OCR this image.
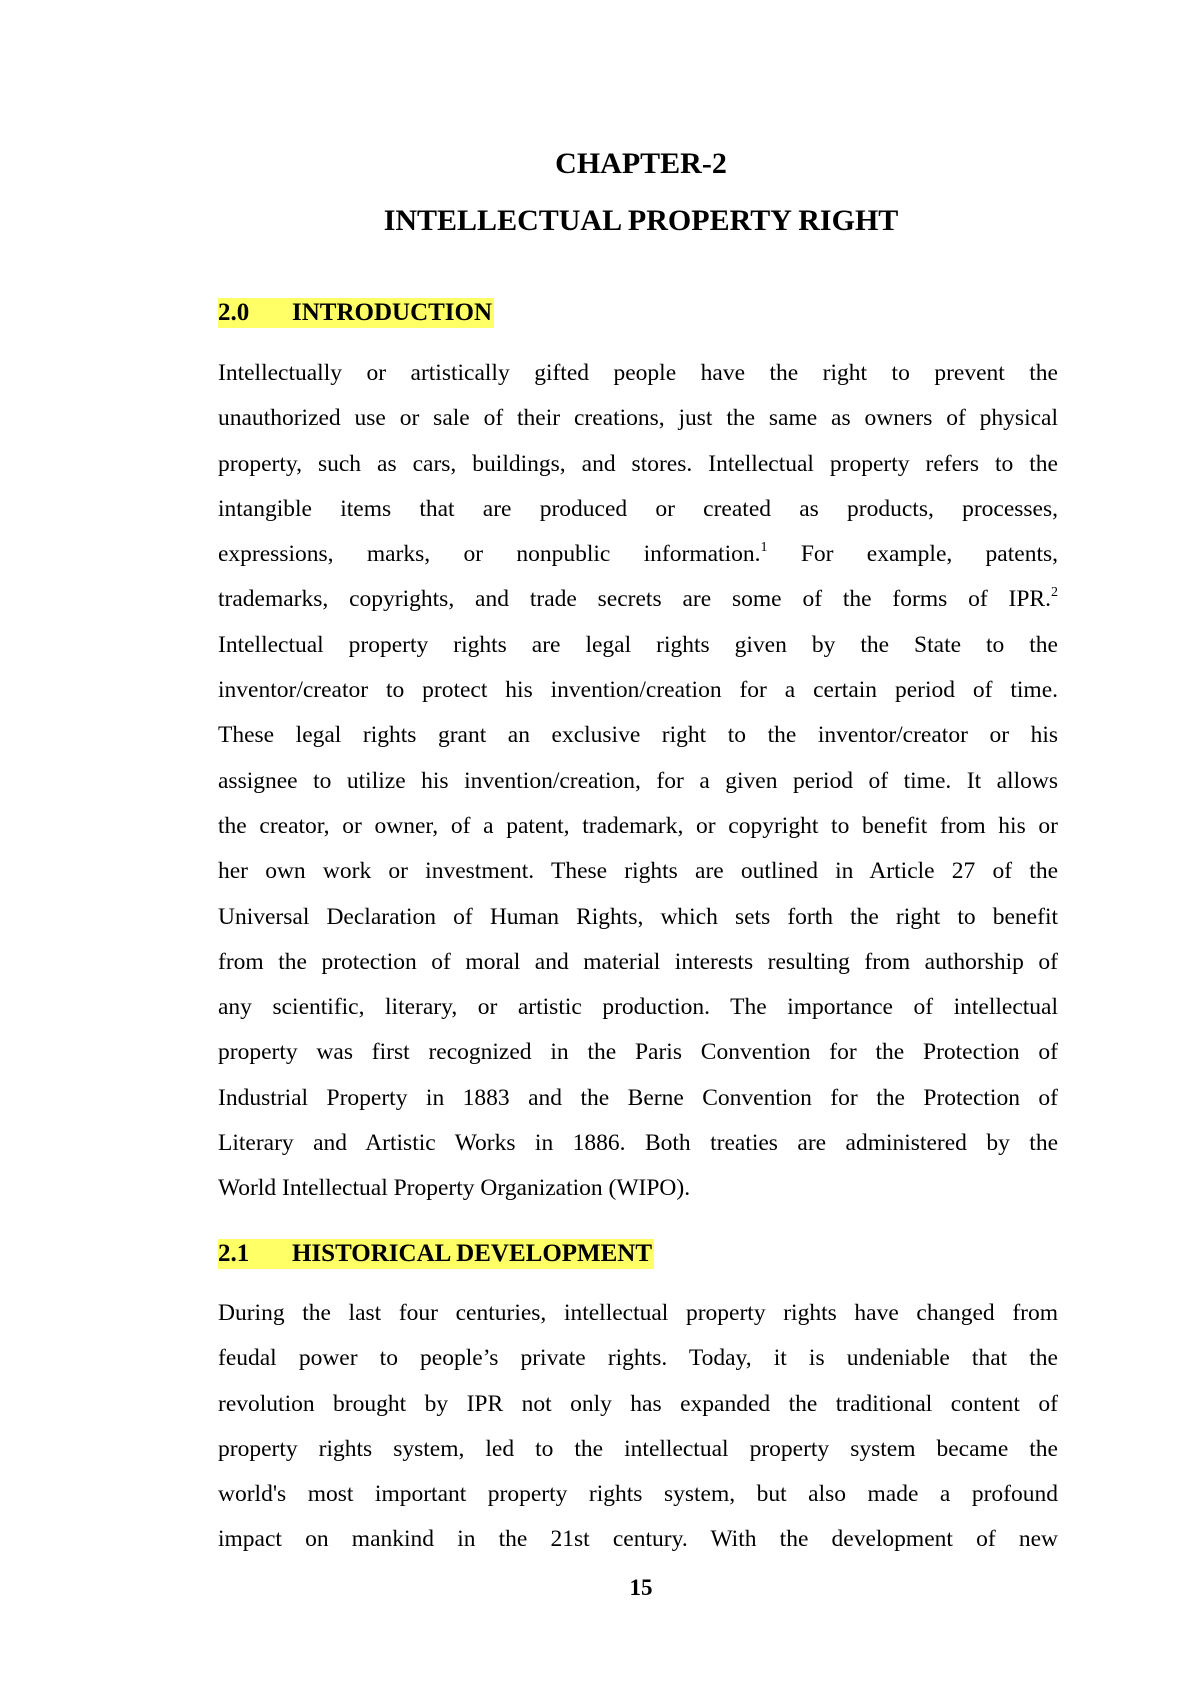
CHAPTER-2
INTELLECTUAL PROPERTY RIGHT
2.0 INTRODUCTION
Intellectually or artistically gifted people have the right to prevent the
unauthorized use or sale of their creations, just the same as owners of physical
property, such as cars, buildings, and stores. Intellectual property refers to the
intangible items that are produced or created as products, processes,
expressions, marks, or nonpublic information.$^1$ For example, patents,
trademarks, copyrights, and trade secrets are some of the forms of IPR.$^2$
Intellectual property rights are legal rights given by the State to the
inventor/creator to protect his invention/creation for a certain period of time.
These legal rights grant an exclusive right to the inventor/creator or his
assignee to utilize his invention/creation, for a given period of time. It allows
the creator, or owner, of a patent, trademark, or copyright to benefit from his or
her own work or investment. These rights are outlined in Article 27 of the
Universal Declaration of Human Rights, which sets forth the right to benefit
from the protection of moral and material interests resulting from authorship of
any scientific, literary, or artistic production. The importance of intellectual
property was first recognized in the Paris Convention for the Protection of
Industrial Property in 1883 and the Berne Convention for the Protection of
Literary and Artistic Works in 1886. Both treaties are administered by the
World Intellectual Property Organization (WIPO).
2.1 HISTORICAL DEVELOPMENT
During the last four centuries, intellectual property rights have changed from
feudal power to people’s private rights. Today, it is undeniable that the
revolution brought by IPR not only has expanded the traditional content of
property rights system, led to the intellectual property system became the
world's most important property rights system, but also made a profound
impact on mankind in the 21st century. With the development of new

15
